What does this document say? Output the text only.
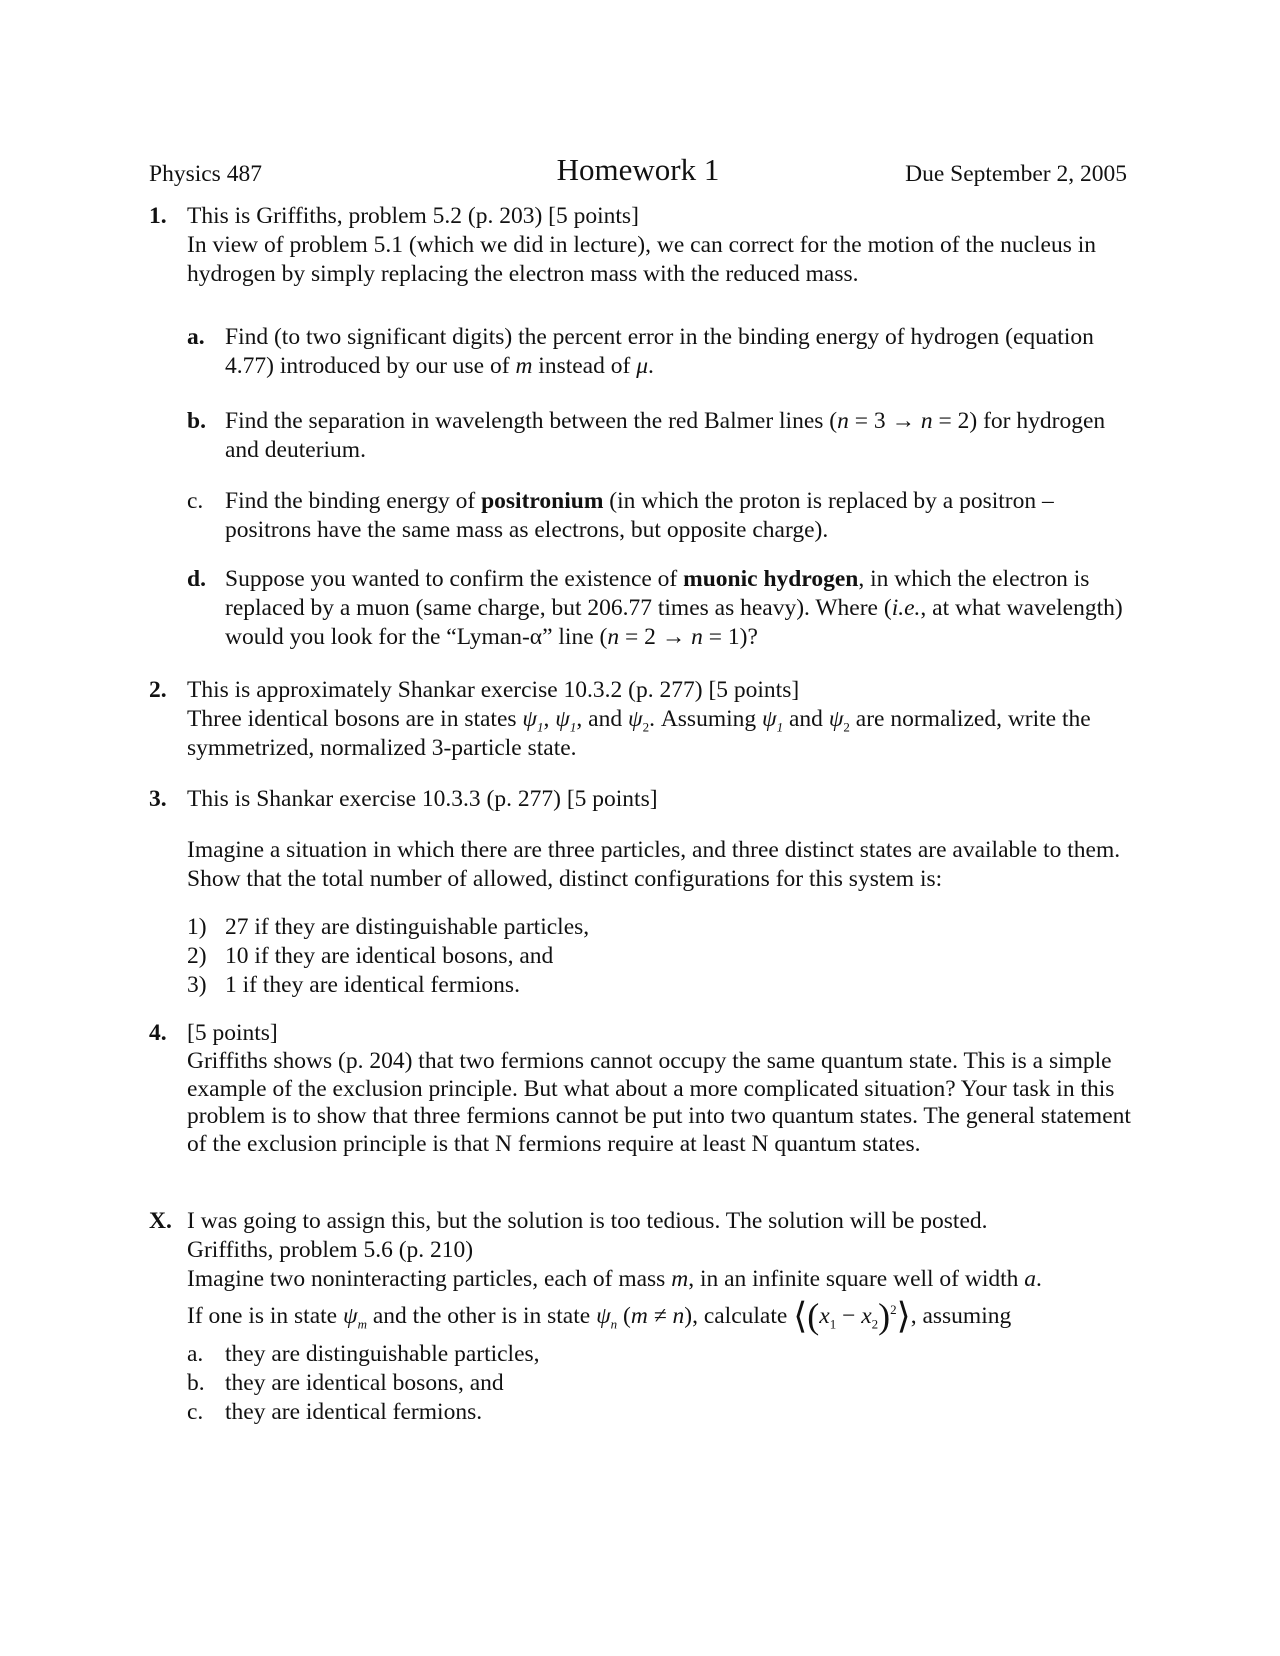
Physics 487	Homework 1	Due September 2, 2005
1. This is Griffiths, problem 5.2 (p. 203) [5 points]
In view of problem 5.1 (which we did in lecture), we can correct for the motion of the nucleus in hydrogen by simply replacing the electron mass with the reduced mass.
a. Find (to two significant digits) the percent error in the binding energy of hydrogen (equation 4.77) introduced by our use of m instead of μ.
b. Find the separation in wavelength between the red Balmer lines (n = 3 → n = 2) for hydrogen and deuterium.
c. Find the binding energy of positronium (in which the proton is replaced by a positron – positrons have the same mass as electrons, but opposite charge).
d. Suppose you wanted to confirm the existence of muonic hydrogen, in which the electron is replaced by a muon (same charge, but 206.77 times as heavy). Where (i.e., at what wavelength) would you look for the “Lyman-α” line (n = 2 → n = 1)?
2. This is approximately Shankar exercise 10.3.2 (p. 277) [5 points]
Three identical bosons are in states $\psi_1$, $\psi_1$, and $\psi_2$. Assuming $\psi_1$ and $\psi_2$ are normalized, write the symmetrized, normalized 3-particle state.
3. This is Shankar exercise 10.3.3 (p. 277) [5 points]
Imagine a situation in which there are three particles, and three distinct states are available to them. Show that the total number of allowed, distinct configurations for this system is:
1) 27 if they are distinguishable particles,
2) 10 if they are identical bosons, and
3) 1 if they are identical fermions.
4. [5 points]
Griffiths shows (p. 204) that two fermions cannot occupy the same quantum state. This is a simple example of the exclusion principle. But what about a more complicated situation? Your task in this problem is to show that three fermions cannot be put into two quantum states. The general statement of the exclusion principle is that N fermions require at least N quantum states.
X. I was going to assign this, but the solution is too tedious. The solution will be posted.
Griffiths, problem 5.6 (p. 210)
Imagine two noninteracting particles, each of mass m, in an infinite square well of width a.
If one is in state $\psi_m$ and the other is in state $\psi_n$ (m ≠ n), calculate $⟨(x_1$ − $x_2)^2⟩$, assuming
a. they are distinguishable particles,
b. they are identical bosons, and
c. they are identical fermions.
